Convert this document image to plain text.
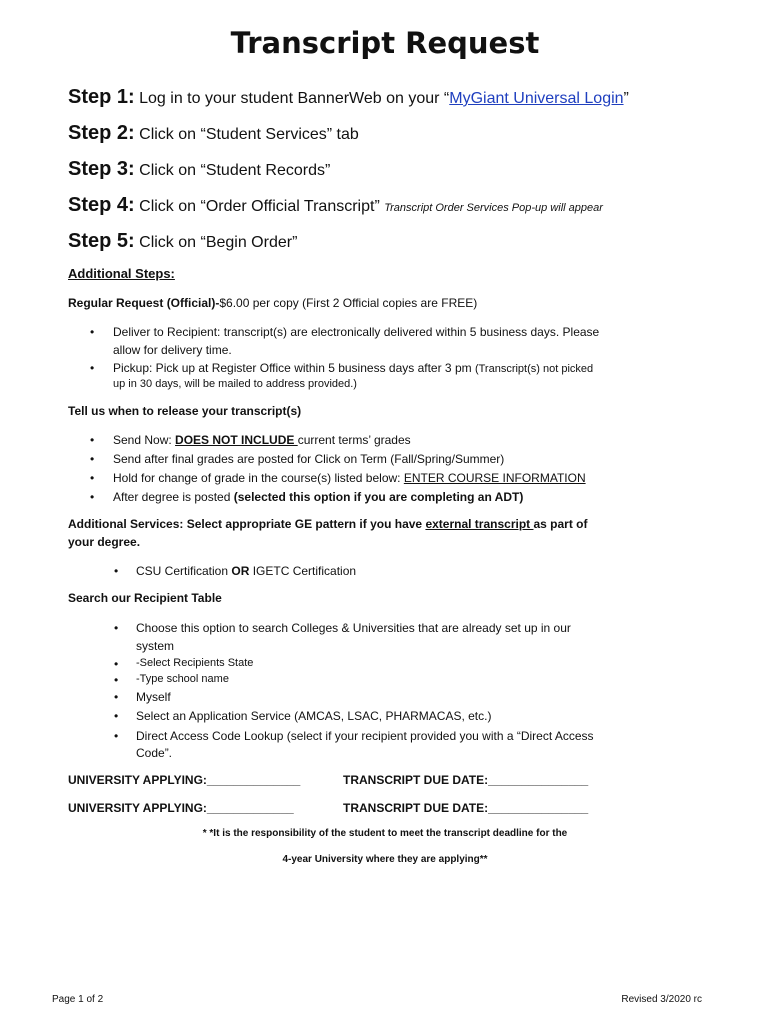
Transcript Request
Step 1: Log in to your student BannerWeb on your “MyGiant Universal Login”
Step 2: Click on “Student Services” tab
Step 3: Click on “Student Records”
Step 4: Click on “Order Official Transcript” Transcript Order Services Pop-up will appear
Step 5: Click on “Begin Order”
Additional Steps:
Regular Request (Official)-$6.00 per copy (First 2 Official copies are FREE)
• Deliver to Recipient: transcript(s) are electronically delivered within 5 business days. Please
allow for delivery time.
• Pickup: Pick up at Register Office within 5 business days after 3 pm (Transcript(s) not picked
up in 30 days, will be mailed to address provided.)
Tell us when to release your transcript(s)
• Send Now: DOES NOT INCLUDE current terms’ grades
• Send after final grades are posted for Click on Term (Fall/Spring/Summer)
• Hold for change of grade in the course(s) listed below: ENTER COURSE INFORMATION
• After degree is posted (selected this option if you are completing an ADT)
Additional Services: Select appropriate GE pattern if you have external transcript as part of
your degree.
• CSU Certification OR IGETC Certification
Search our Recipient Table
• Choose this option to search Colleges & Universities that are already set up in our
system
• -Select Recipients State
• -Type school name
• Myself
• Select an Application Service (AMCAS, LSAC, PHARMACAS, etc.)
• Direct Access Code Lookup (select if your recipient provided you with a “Direct Access
Code”.
UNIVERSITY APPLYING:______________	TRANSCRIPT DUE DATE:_______________
UNIVERSITY APPLYING:_____________	TRANSCRIPT DUE DATE:_______________
* *It is the responsibility of the student to meet the transcript deadline for the
4-year University where they are applying**
Page 1 of 2	Revised 3/2020 rc
